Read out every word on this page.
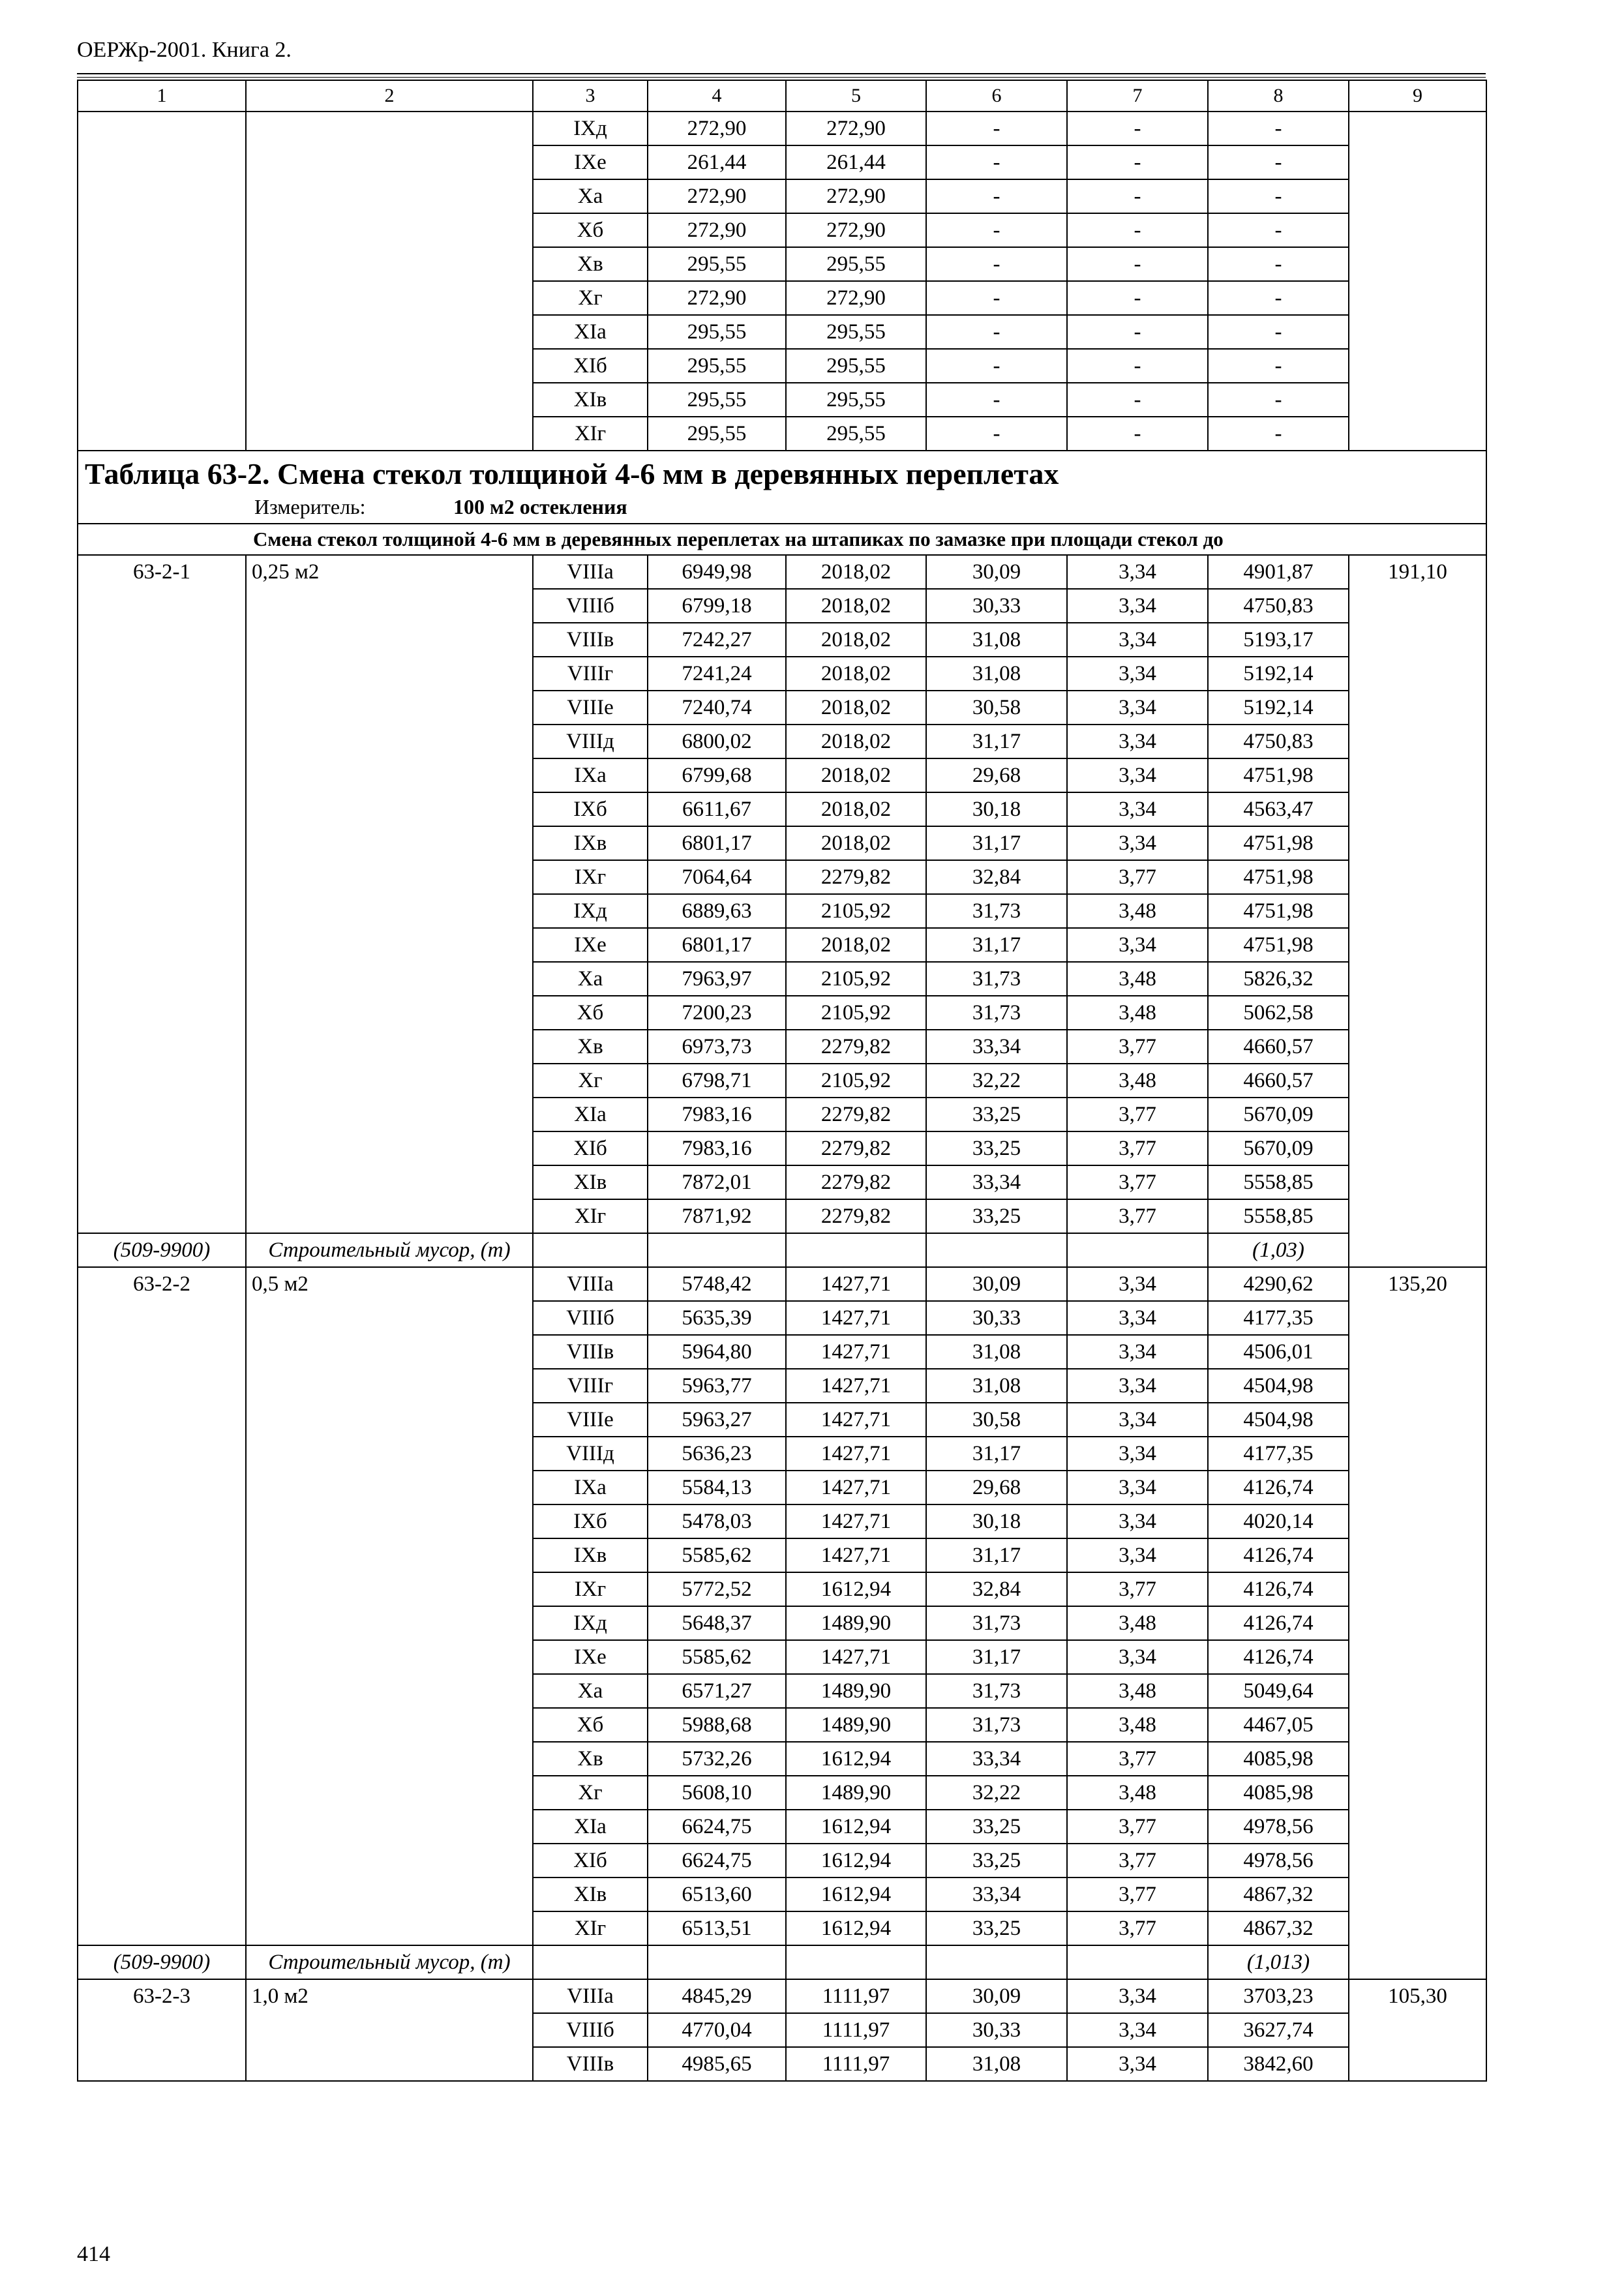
ОЕРЖр-2001. Книга 2.
1	2	3	4	5	6	7	8	9
		IXд	272,90	272,90	-	-	-	
		IXе	261,44	261,44	-	-	-	
		Xа	272,90	272,90	-	-	-	
		Xб	272,90	272,90	-	-	-	
		Xв	295,55	295,55	-	-	-	
		Xг	272,90	272,90	-	-	-	
		XIа	295,55	295,55	-	-	-	
		XIб	295,55	295,55	-	-	-	
		XIв	295,55	295,55	-	-	-	
		XIг	295,55	295,55	-	-	-	

Таблица 63-2. Смена стекол толщиной 4-6 мм в деревянных переплетах
Измеритель: 100 м2 остекления								

Смена стекол толщиной 4-6 мм в деревянных переплетах на штапиках по замазке при площади стекол до								
63-2-1	0,25 м2	VIIIа	6949,98	2018,02	30,09	3,34	4901,87	191,10
		VIIIб	6799,18	2018,02	30,33	3,34	4750,83	
		VIIIв	7242,27	2018,02	31,08	3,34	5193,17	
		VIIIг	7241,24	2018,02	31,08	3,34	5192,14	
		VIIIе	7240,74	2018,02	30,58	3,34	5192,14	
		VIIIд	6800,02	2018,02	31,17	3,34	4750,83	
		IXа	6799,68	2018,02	29,68	3,34	4751,98	
		IXб	6611,67	2018,02	30,18	3,34	4563,47	
		IXв	6801,17	2018,02	31,17	3,34	4751,98	
		IXг	7064,64	2279,82	32,84	3,77	4751,98	
		IXд	6889,63	2105,92	31,73	3,48	4751,98	
		IXе	6801,17	2018,02	31,17	3,34	4751,98	
		Xа	7963,97	2105,92	31,73	3,48	5826,32	
		Xб	7200,23	2105,92	31,73	3,48	5062,58	
		Xв	6973,73	2279,82	33,34	3,77	4660,57	
		Xг	6798,71	2105,92	32,22	3,48	4660,57	
		XIа	7983,16	2279,82	33,25	3,77	5670,09	
		XIб	7983,16	2279,82	33,25	3,77	5670,09	
		XIв	7872,01	2279,82	33,34	3,77	5558,85	
		XIг	7871,92	2279,82	33,25	3,77	5558,85	
(509-9900)	Строительный мусор, (т)						(1,03)	
63-2-2	0,5 м2	VIIIа	5748,42	1427,71	30,09	3,34	4290,62	135,20
		VIIIб	5635,39	1427,71	30,33	3,34	4177,35	
		VIIIв	5964,80	1427,71	31,08	3,34	4506,01	
		VIIIг	5963,77	1427,71	31,08	3,34	4504,98	
		VIIIе	5963,27	1427,71	30,58	3,34	4504,98	
		VIIIд	5636,23	1427,71	31,17	3,34	4177,35	
		IXа	5584,13	1427,71	29,68	3,34	4126,74	
		IXб	5478,03	1427,71	30,18	3,34	4020,14	
		IXв	5585,62	1427,71	31,17	3,34	4126,74	
		IXг	5772,52	1612,94	32,84	3,77	4126,74	
		IXд	5648,37	1489,90	31,73	3,48	4126,74	
		IXе	5585,62	1427,71	31,17	3,34	4126,74	
		Xа	6571,27	1489,90	31,73	3,48	5049,64	
		Xб	5988,68	1489,90	31,73	3,48	4467,05	
		Xв	5732,26	1612,94	33,34	3,77	4085,98	
		Xг	5608,10	1489,90	32,22	3,48	4085,98	
		XIа	6624,75	1612,94	33,25	3,77	4978,56	
		XIб	6624,75	1612,94	33,25	3,77	4978,56	
		XIв	6513,60	1612,94	33,34	3,77	4867,32	
		XIг	6513,51	1612,94	33,25	3,77	4867,32	
(509-9900)	Строительный мусор, (т)						(1,013)	
63-2-3	1,0 м2	VIIIа	4845,29	1111,97	30,09	3,34	3703,23	105,30
		VIIIб	4770,04	1111,97	30,33	3,34	3627,74	
		VIIIв	4985,65	1111,97	31,08	3,34	3842,60	
414
